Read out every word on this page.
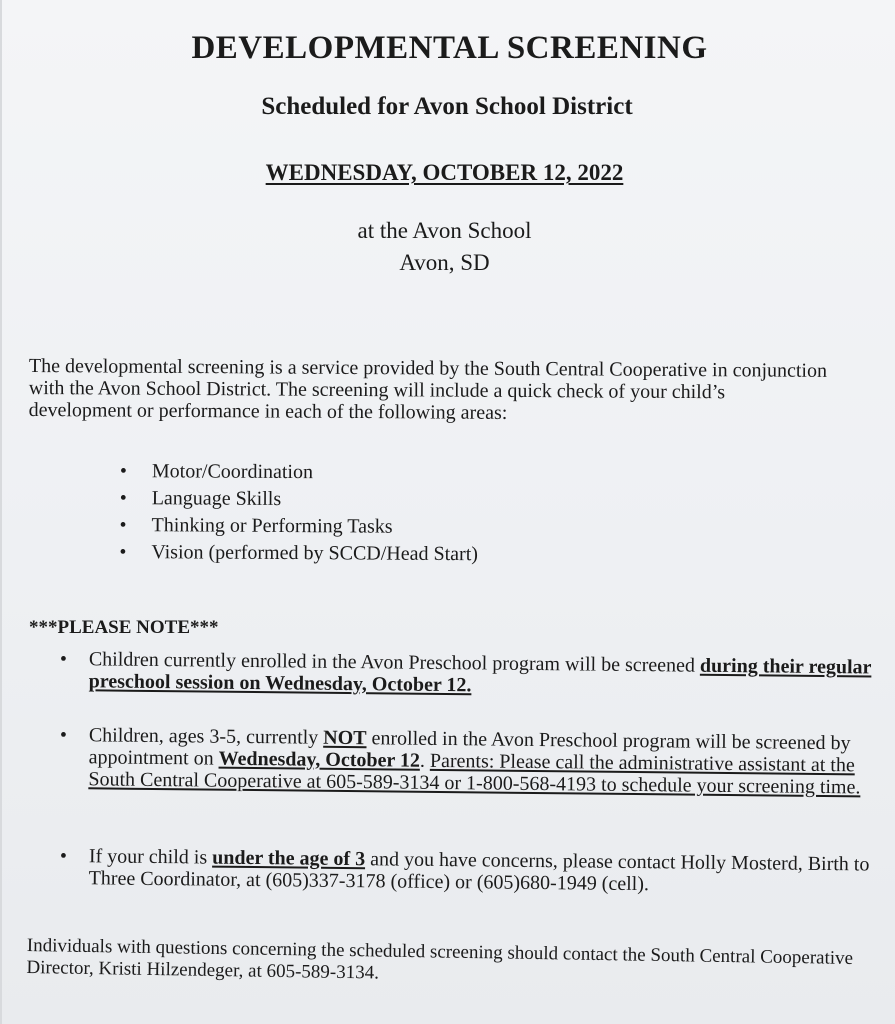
DEVELOPMENTAL SCREENING
Scheduled for Avon School District
WEDNESDAY, OCTOBER 12, 2022
at the Avon School
Avon, SD
The developmental screening is a service provided by the South Central Cooperative in conjunction with the Avon School District. The screening will include a quick check of your child’s development or performance in each of the following areas:
• Motor/Coordination
• Language Skills
• Thinking or Performing Tasks
• Vision (performed by SCCD/Head Start)
***PLEASE NOTE***
• Children currently enrolled in the Avon Preschool program will be screened during their regular preschool session on Wednesday, October 12.
• Children, ages 3-5, currently NOT enrolled in the Avon Preschool program will be screened by appointment on Wednesday, October 12. Parents: Please call the administrative assistant at the South Central Cooperative at 605-589-3134 or 1-800-568-4193 to schedule your screening time.
• If your child is under the age of 3 and you have concerns, please contact Holly Mosterd, Birth to Three Coordinator, at (605)337-3178 (office) or (605)680-1949 (cell).
Individuals with questions concerning the scheduled screening should contact the South Central Cooperative Director, Kristi Hilzendeger, at 605-589-3134.
